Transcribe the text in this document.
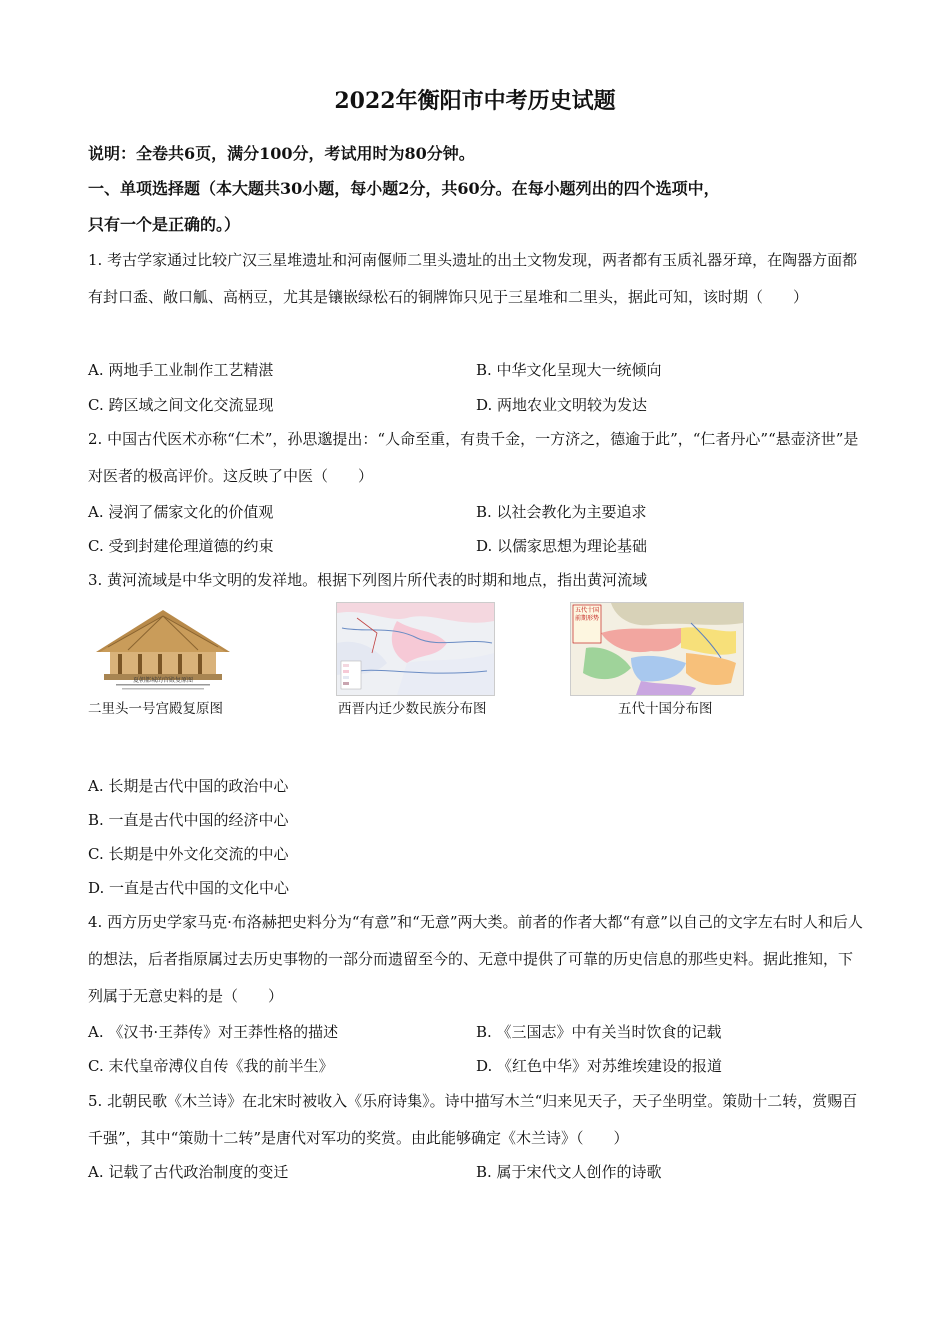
2022年衡阳市中考历史试题
说明：全卷共6页，满分100分，考试用时为80分钟。
一、单项选择题（本大题共30小题，每小题2分，共60分。在每小题列出的四个选项中，
只有一个是正确的。）
1. 考古学家通过比较广汉三星堆遗址和河南偃师二里头遗址的出土文物发现，两者都有玉质礼器牙璋，在陶器方面都有封口盉、敞口觚、高柄豆，尤其是镶嵌绿松石的铜牌饰只见于三星堆和二里头，据此可知，该时期（　　）
A. 两地手工业制作工艺精湛	B. 中华文化呈现大一统倾向
C. 跨区域之间文化交流显现	D. 两地农业文明较为发达
2. 中国古代医术亦称“仁术”，孙思邈提出：“人命至重，有贵千金，一方济之，德逾于此”，“仁者丹心”“悬壶济世”是对医者的极高评价。这反映了中医（　　）
A. 浸润了儒家文化的价值观	B. 以社会教化为主要追求
C. 受到封建伦理道德的约束	D. 以儒家思想为理论基础
3. 黄河流域是中华文明的发祥地。根据下列图片所代表的时期和地点，指出黄河流域
夏朝都城的宫殿复原图
二里头一号宫殿复原图	西晋内迁少数民族分布图
五代十国前期形势
五代十国分布图
A. 长期是古代中国的政治中心
B. 一直是古代中国的经济中心
C. 长期是中外文化交流的中心
D. 一直是古代中国的文化中心
4. 西方历史学家马克·布洛赫把史料分为“有意”和“无意”两大类。前者的作者大都“有意”以自己的文字左右时人和后人的想法，后者指原属过去历史事物的一部分而遗留至今的、无意中提供了可靠的历史信息的那些史料。据此推知，下列属于无意史料的是（　　）
A. 《汉书·王莽传》对王莽性格的描述	B. 《三国志》中有关当时饮食的记载
C. 末代皇帝溥仪自传《我的前半生》	D. 《红色中华》对苏维埃建设的报道
5. 北朝民歌《木兰诗》在北宋时被收入《乐府诗集》。诗中描写木兰“归来见天子，天子坐明堂。策勋十二转，赏赐百千强”，其中“策勋十二转”是唐代对军功的奖赏。由此能够确定《木兰诗》（　　）
A. 记载了古代政治制度的变迁	B. 属于宋代文人创作的诗歌
